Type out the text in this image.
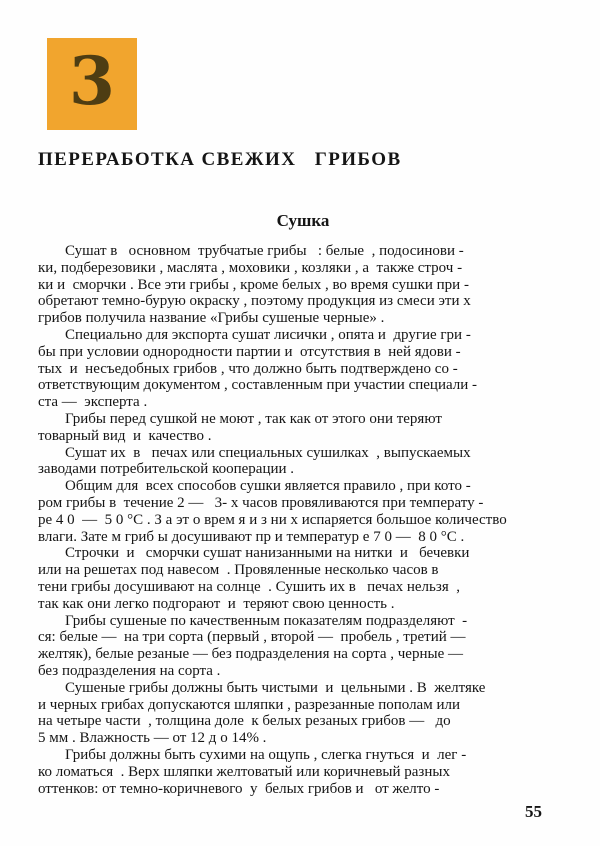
3
ПЕРЕРАБОТКА СВЕЖИХ   ГРИБОВ
Сушка
Сушат в   основном  трубчатые грибы   : белые  , подосинови -
ки, подберезовики , маслята , моховики , козляки , а  также строч -
ки и  сморчки . Все эти грибы , кроме белых , во время сушки при -
обретают темно-бурую окраску , поэтому продукция из смеси эти х
грибов получила название «Грибы сушеные черные» .
Специально для экспорта сушат лисички , опята и  другие гри -
бы при условии однородности партии и  отсутствия в  ней ядови -
тых  и  несъедобных грибов , что должно быть подтверждено со -
ответствующим документом , составленным при участии специали -
ста —  эксперта .
Грибы перед сушкой не моют , так как от этого они теряют
товарный вид  и  качество .
Сушат их  в   печах или специальных сушилках  , выпускаемых
заводами потребительской кооперации .
Общим для  всех способов сушки является правило , при кото -
ром грибы в  течение 2 —   3- х часов провяливаются при температу -
ре 4 0  —  5 0 °С . З а эт о врем я и з ни х испаряется большое количество
влаги. Зате м гриб ы досушивают пр и температур е 7 0 —  8 0 °С .
Строчки  и   сморчки сушат нанизанными на нитки  и   бечевки
или на решетах под навесом  . Провяленные несколько часов в
тени грибы досушивают на солнце  . Сушить их в   печах нельзя  ,
так как они легко подгорают  и  теряют свою ценность .
Грибы сушеные по качественным показателям подразделяют  -
ся: белые —  на три сорта (первый , второй —  пробель , третий —
желтяк), белые резаные — без подразделения на сорта , черные —
без подразделения на сорта .
Сушеные грибы должны быть чистыми  и  цельными . В  желтяке
и черных грибах допускаются шляпки , разрезанные пополам или
на четыре части  , толщина доле  к белых резаных грибов —   до
5 мм . Влажность — от 12 д о 14% .
Грибы должны быть сухими на ощупь , слегка гнуться  и  лег -
ко ломаться  . Верх шляпки желтоватый или коричневый разных
оттенков: от темно-коричневого  у  белых грибов и   от желто -
55
